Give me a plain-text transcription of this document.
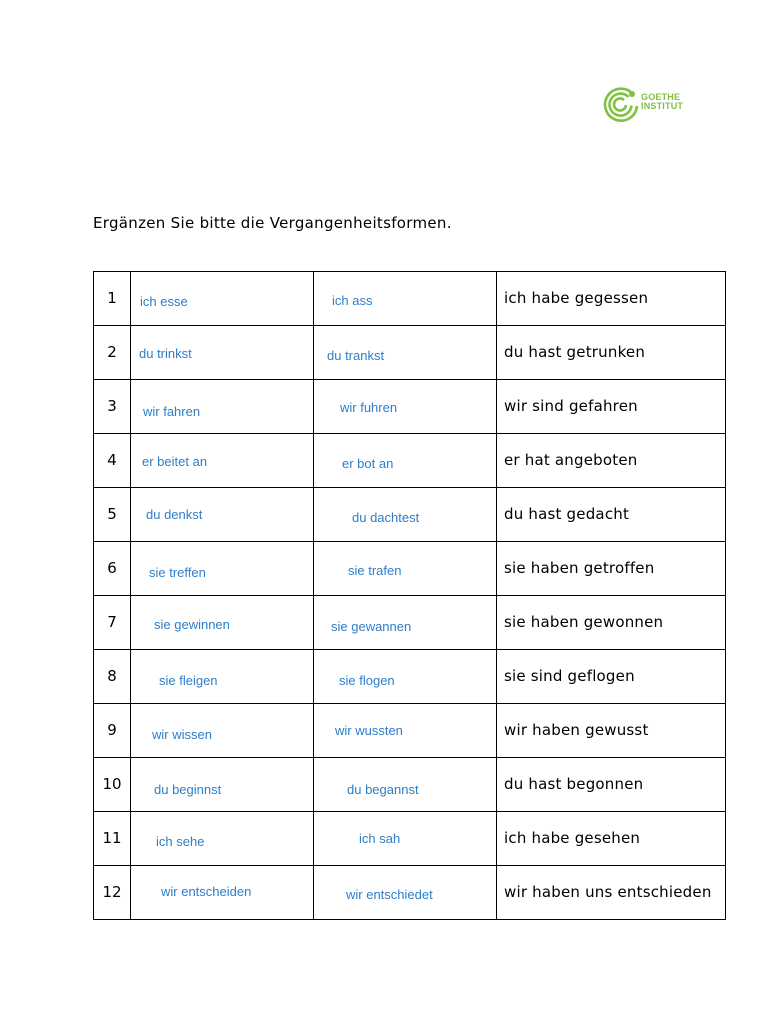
GOETHE
INSTITUT
Ergänzen Sie bitte die Vergangenheitsformen.
1	ich esse	ich ass	ich habe gegessen

2	du trinkst	du trankst	du hast getrunken

3	wir fahren	wir fuhren	wir sind gefahren

4	er beitet an	er bot an	er hat angeboten

5	du denkst	du dachtest	du hast gedacht

6	sie treffen	sie trafen	sie haben getroffen

7	sie gewinnen	sie gewannen	sie haben gewonnen

8	sie fleigen	sie flogen	sie sind geflogen

9	wir wissen	wir wussten	wir haben gewusst

10	du beginnst	du begannst	du hast begonnen

11	ich sehe	ich sah	ich habe gesehen

12	wir entscheiden	wir entschiedet	wir haben uns entschieden
